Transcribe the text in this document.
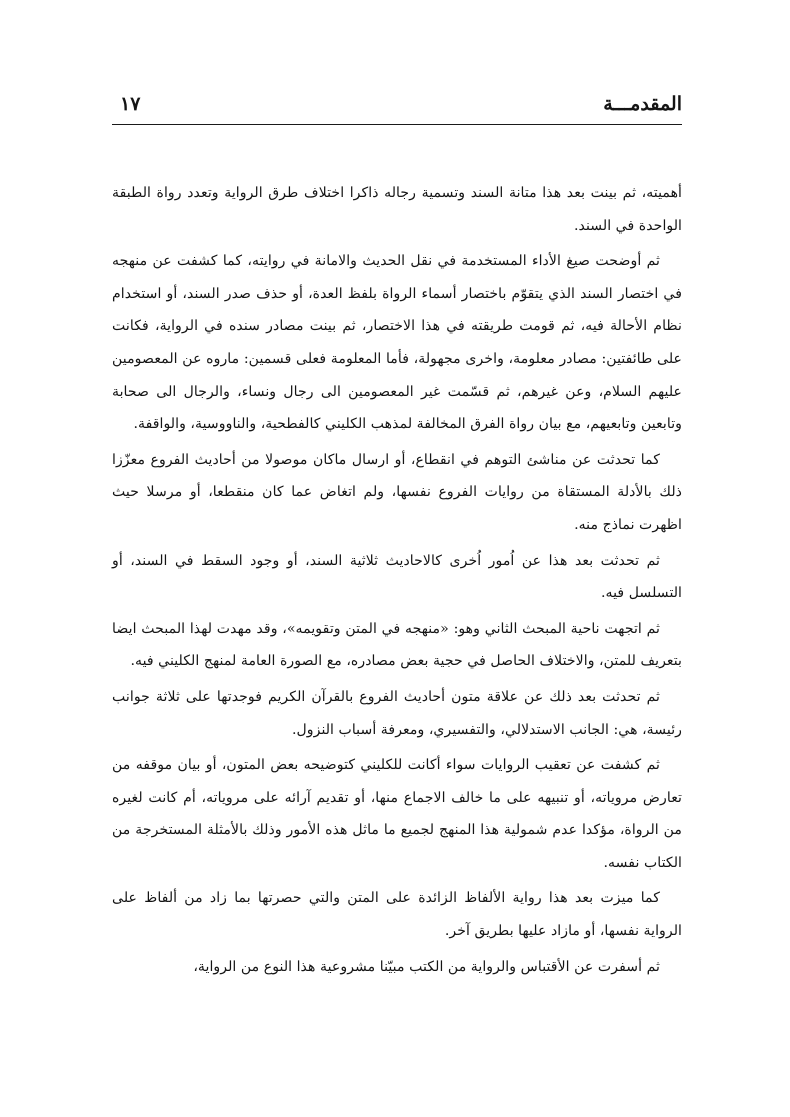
المقدمـــة
١٧

أهميته، ثم بينت بعد هذا متانة السند وتسمية رجاله ذاكرا اختلاف طرق الرواية وتعدد رواة الطبقة الواحدة في السند.

ثم أوضحت صيغ الأداء المستخدمة في نقل الحديث والامانة في روايته، كما كشفت عن منهجه في اختصار السند الذي يتقوّم باختصار أسماء الرواة بلفظ العدة، أو حذف صدر السند، أو استخدام نظام الأحالة فيه، ثم قومت طريقته في هذا الاختصار، ثم بينت مصادر سنده في الرواية، فكانت على طائفتين: مصادر معلومة، واخرى مجهولة، فأما المعلومة فعلى قسمين: ماروه عن المعصومين عليهم السلام، وعن غيرهم، ثم قسّمت غير المعصومين الى رجال ونساء، والرجال الى صحابة وتابعين وتابعيهم، مع بيان رواة الفرق المخالفة لمذهب الكليني كالفطحية، والناووسية، والواقفة.

كما تحدثت عن مناشئ التوهم في انقطاع، أو ارسال ماكان موصولا من أحاديث الفروع معزّزا ذلك بالأدلة المستقاة من روايات الفروع نفسها، ولم اتغاض عما كان منقطعا، أو مرسلا حيث اظهرت نماذج منه.

ثم تحدثت بعد هذا عن اُمور اُخرى كالاحاديث ثلاثية السند، أو وجود السقط في السند، أو التسلسل فيه.

ثم اتجهت ناحية المبحث الثاني وهو: «منهجه في المتن وتقويمه»، وقد مهدت لهذا المبحث ايضا بتعريف للمتن، والاختلاف الحاصل في حجية بعض مصادره، مع الصورة العامة لمنهج الكليني فيه.

ثم تحدثت بعد ذلك عن علاقة متون أحاديث الفروع بالقرآن الكريم فوجدتها على ثلاثة جوانب رئيسة، هي: الجانب الاستدلالي، والتفسيري، ومعرفة أسباب النزول.

ثم كشفت عن تعقيب الروايات سواء أكانت للكليني كتوضيحه بعض المتون، أو بيان موقفه من تعارض مروياته، أو تنبيهه على ما خالف الاجماع منها، أو تقديم آرائه على مروياته، أم كانت لغيره من الرواة، مؤكدا عدم شمولية هذا المنهج لجميع ما ماثل هذه الأمور وذلك بالأمثلة المستخرجة من الكتاب نفسه.

كما ميزت بعد هذا رواية الألفاظ الزائدة على المتن والتي حصرتها بما زاد من ألفاظ على الرواية نفسها، أو مازاد عليها بطريق آخر.

ثم أسفرت عن الأقتباس والرواية من الكتب مبيّنا مشروعية هذا النوع من الرواية،
